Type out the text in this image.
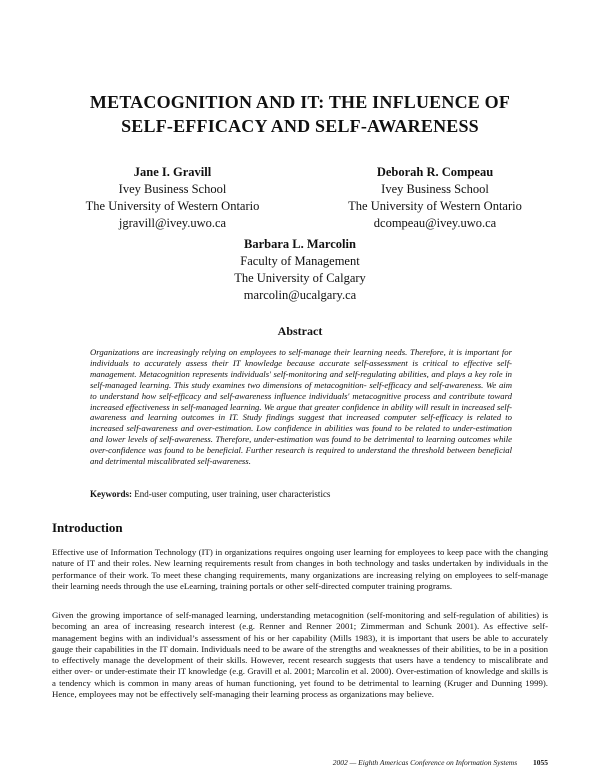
METACOGNITION AND IT: THE INFLUENCE OF
SELF-EFFICACY AND SELF-AWARENESS
Jane I. Gravill
Ivey Business School
The University of Western Ontario
jgravill@ivey.uwo.ca
Deborah R. Compeau
Ivey Business School
The University of Western Ontario
dcompeau@ivey.uwo.ca
Barbara L. Marcolin
Faculty of Management
The University of Calgary
marcolin@ucalgary.ca
Abstract
Organizations are increasingly relying on employees to self-manage their learning needs. Therefore, it is important for individuals to accurately assess their IT knowledge because accurate self-assessment is critical to effective self-management. Metacognition represents individuals' self-monitoring and self-regulating abilities, and plays a key role in self-managed learning. This study examines two dimensions of metacognition- self-efficacy and self-awareness. We aim to understand how self-efficacy and self-awareness influence individuals' metacognitive process and contribute toward increased effectiveness in self-managed learning. We argue that greater confidence in ability will result in increased self-awareness and learning outcomes in IT. Study findings suggest that increased computer self-efficacy is related to increased self-awareness and over-estimation. Low confidence in abilities was found to be related to under-estimation and lower levels of self-awareness. Therefore, under-estimation was found to be detrimental to learning outcomes while over-confidence was found to be beneficial. Further research is required to understand the threshold between beneficial and detrimental miscalibrated self-awareness.
Keywords: End-user computing, user training, user characteristics
Introduction
Effective use of Information Technology (IT) in organizations requires ongoing user learning for employees to keep pace with the changing nature of IT and their roles. New learning requirements result from changes in both technology and tasks undertaken by individuals in the performance of their work. To meet these changing requirements, many organizations are increasing relying on employees to self-manage their learning needs through the use eLearning, training portals or other self-directed computer training programs.
Given the growing importance of self-managed learning, understanding metacognition (self-monitoring and self-regulation of abilities) is becoming an area of increasing research interest (e.g. Renner and Renner 2001; Zimmerman and Schunk 2001). As effective self-management begins with an individual’s assessment of his or her capability (Mills 1983), it is important that users be able to accurately gauge their capabilities in the IT domain. Individuals need to be aware of the strengths and weaknesses of their abilities, to be in a position to effectively manage the development of their skills. However, recent research suggests that users have a tendency to miscalibrate and either over- or under-estimate their IT knowledge (e.g. Gravill et al. 2001; Marcolin et al. 2000). Over-estimation of knowledge and skills is a tendency which is common in many areas of human functioning, yet found to be detrimental to learning (Kruger and Dunning 1999). Hence, employees may not be effectively self-managing their learning process as organizations may believe.
2002 — Eighth Americas Conference on Information Systems 1055
